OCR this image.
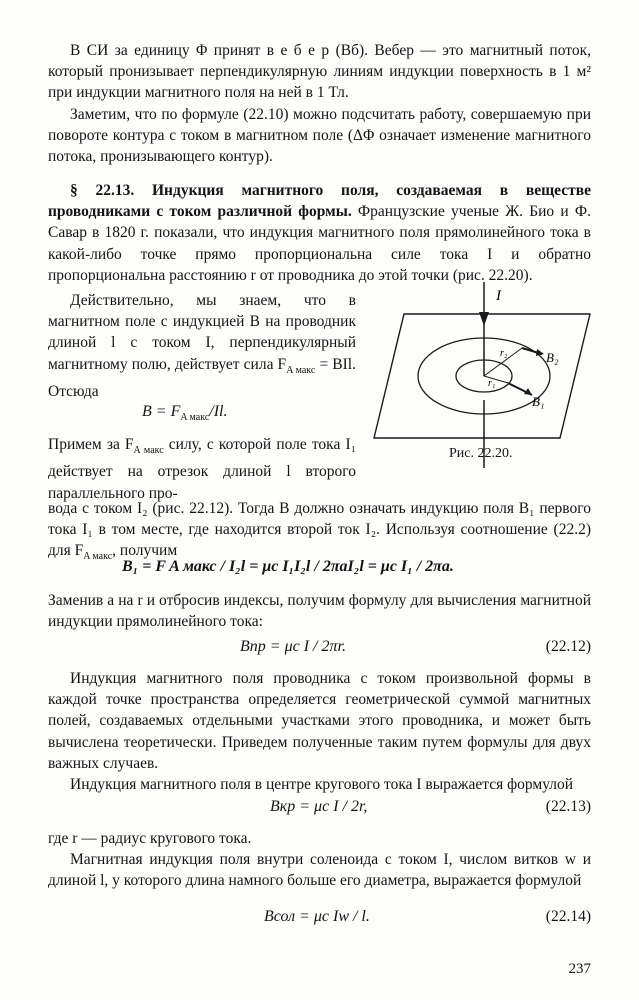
В СИ за единицу Φ принят в е б е р (Вб). Вебер — это магнитный поток, который пронизывает перпендикулярную линиям индукции поверхность в 1 м² при индукции магнитного поля на ней в 1 Тл.

Заметим, что по формуле (22.10) можно подсчитать работу, совершаемую при повороте контура с током в магнитном поле (ΔΦ означает изменение магнитного потока, пронизывающего контур).

§ 22.13. Индукция магнитного поля, создаваемая в веществе проводниками с током различной формы. Французские ученые Ж. Био и Ф. Савар в 1820 г. показали, что индукция магнитного поля прямолинейного тока в какой-либо точке прямо пропорциональна силе тока I и обратно пропорциональна расстоянию r от проводника до этой точки (рис. 22.20).

Действительно, мы знаем, что в магнитном поле с индукцией B на проводник длиной l с током I, перпендикулярный магнитному полю, действует сила $F_{A макс}$ = BIl. Отсюда

$B = F_{A макс}/Il$.

Примем за $F_{A макс}$ силу, с которой поле тока I₁ действует на отрезок длиной l второго параллельного про-

I
r₁
r₂
B₁
B₂
Рис. 22.20.

вода с током I₂ (рис. 22.12). Тогда B должно означать индукцию поля B₁ первого тока I₁ в том месте, где находится второй ток I₂. Используя соотношение (22.2) для $F_{A макс}$, получим

B₁ = F A макс / I₂l = μc I₁I₂l / 2πaI₂l = μc I₁ / 2πa.

Заменив a на r и отбросив индексы, получим формулу для вычисления магнитной индукции прямолинейного тока:

Bпр = μc I / 2πr.	(22.12)

Индукция магнитного поля проводника с током произвольной формы в каждой точке пространства определяется геометрической суммой магнитных полей, создаваемых отдельными участками этого проводника, и может быть вычислена теоретически. Приведем полученные таким путем формулы для двух важных случаев.

Индукция магнитного поля в центре кругового тока I выражается формулой

Bкр = μc I / 2r,	(22.13)

где r — радиус кругового тока.

Магнитная индукция поля внутри соленоида с током I, числом витков w и длиной l, у которого длина намного больше его диаметра, выражается формулой

Bсол = μc Iw / l.	(22.14)
237
